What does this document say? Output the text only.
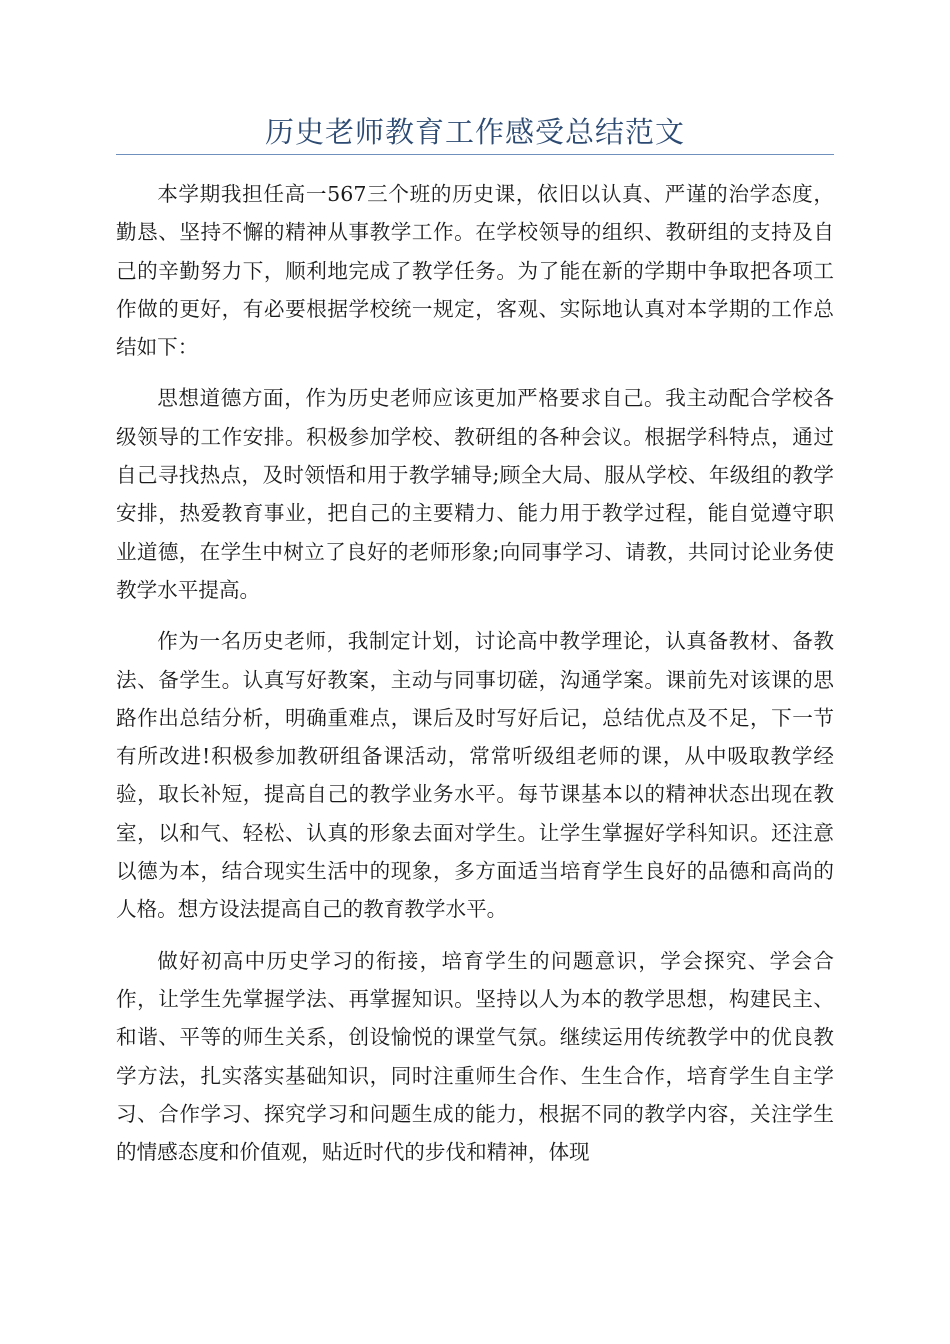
历史老师教育工作感受总结范文

本学期我担任高一567三个班的历史课，依旧以认真、严谨的治学态度，勤恳、坚持不懈的精神从事教学工作。在学校领导的组织、教研组的支持及自己的辛勤努力下，顺利地完成了教学任务。为了能在新的学期中争取把各项工作做的更好，有必要根据学校统一规定，客观、实际地认真对本学期的工作总结如下：

思想道德方面，作为历史老师应该更加严格要求自己。我主动配合学校各级领导的工作安排。积极参加学校、教研组的各种会议。根据学科特点，通过自己寻找热点，及时领悟和用于教学辅导;顾全大局、服从学校、年级组的教学安排，热爱教育事业，把自己的主要精力、能力用于教学过程，能自觉遵守职业道德，在学生中树立了良好的老师形象;向同事学习、请教，共同讨论业务使教学水平提高。

作为一名历史老师，我制定计划，讨论高中教学理论，认真备教材、备教法、备学生。认真写好教案，主动与同事切磋，沟通学案。课前先对该课的思路作出总结分析，明确重难点，课后及时写好后记，总结优点及不足，下一节有所改进!积极参加教研组备课活动，常常听级组老师的课，从中吸取教学经验，取长补短，提高自己的教学业务水平。每节课基本以的精神状态出现在教室，以和气、轻松、认真的形象去面对学生。让学生掌握好学科知识。还注意以德为本，结合现实生活中的现象，多方面适当培育学生良好的品德和高尚的人格。想方设法提高自己的教育教学水平。

做好初高中历史学习的衔接，培育学生的问题意识，学会探究、学会合作，让学生先掌握学法、再掌握知识。坚持以人为本的教学思想，构建民主、和谐、平等的师生关系，创设愉悦的课堂气氛。继续运用传统教学中的优良教学方法，扎实落实基础知识，同时注重师生合作、生生合作，培育学生自主学习、合作学习、探究学习和问题生成的能力，根据不同的教学内容，关注学生的情感态度和价值观，贴近时代的步伐和精神，体现
